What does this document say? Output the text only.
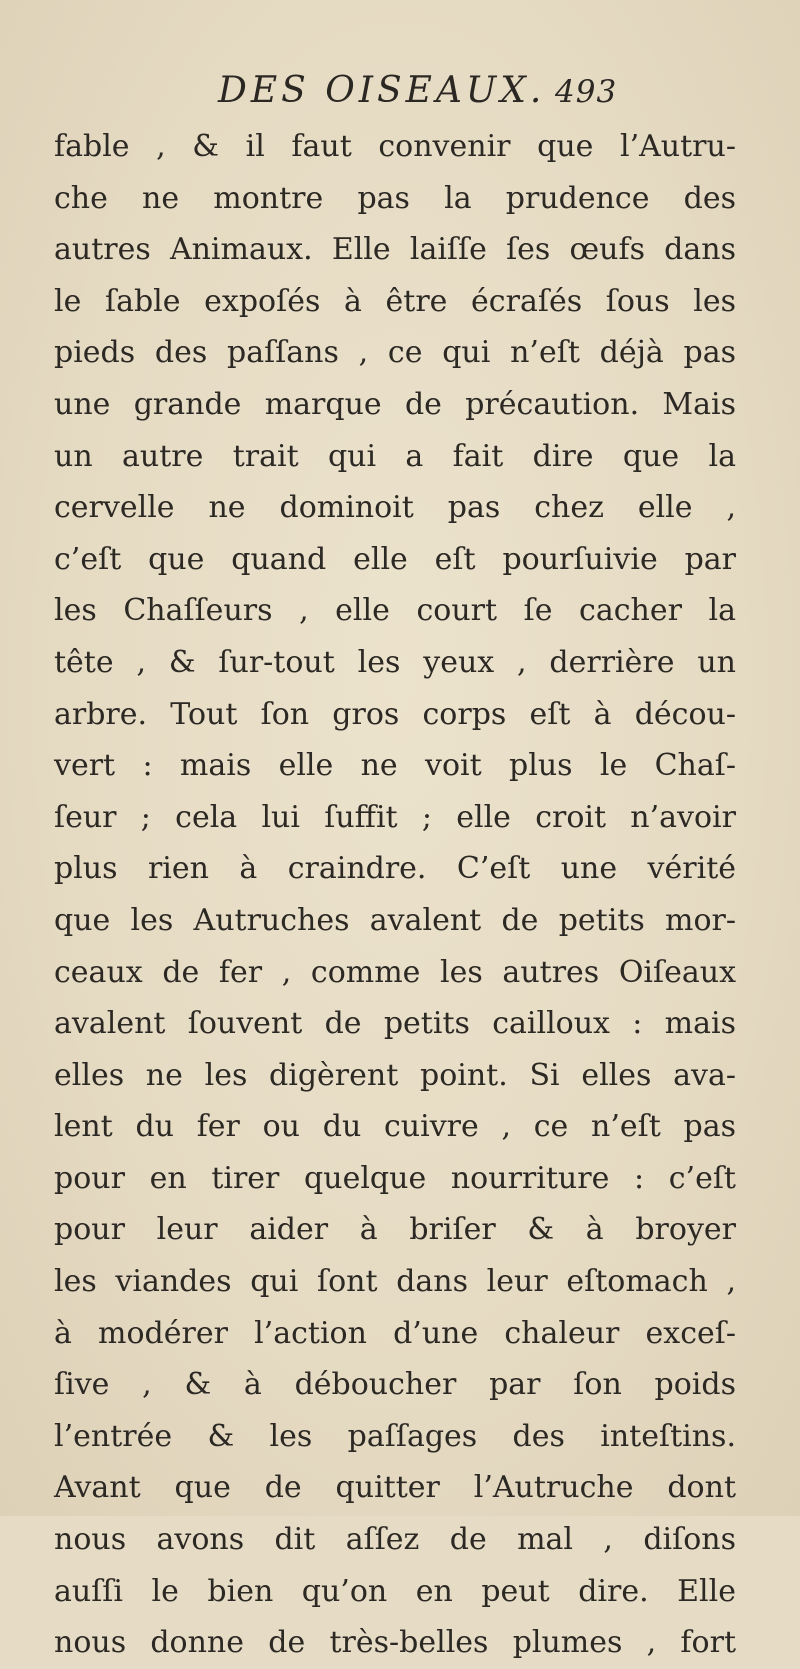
DES OISEAUX. 493
fable , & il faut convenir que l’Autru-
che ne montre pas la prudence des
autres Animaux. Elle laiſſe ſes œufs dans
le ſable expoſés à être écraſés ſous les
pieds des paſſans , ce qui n’eſt déjà pas
une grande marque de précaution. Mais
un autre trait qui a fait dire que la
cervelle ne dominoit pas chez elle ,
c’eſt que quand elle eſt pourſuivie par
les Chaſſeurs , elle court ſe cacher la
tête , & ſur-tout les yeux , derrière un
arbre. Tout ſon gros corps eſt à décou-
vert : mais elle ne voit plus le Chaſ-
ſeur ; cela lui ſuffit ; elle croit n’avoir
plus rien à craindre. C’eſt une vérité
que les Autruches avalent de petits mor-
ceaux de fer , comme les autres Oiſeaux
avalent ſouvent de petits cailloux : mais
elles ne les digèrent point. Si elles ava-
lent du fer ou du cuivre , ce n’eſt pas
pour en tirer quelque nourriture : c’eſt
pour leur aider à briſer & à broyer
les viandes qui ſont dans leur eſtomach ,
à modérer l’action d’une chaleur exceſ-
ſive , & à déboucher par ſon poids
l’entrée & les paſſages des inteſtins.
Avant que de quitter l’Autruche dont
nous avons dit aſſez de mal , diſons
auſſi le bien qu’on en peut dire. Elle
nous donne de très-belles plumes , fort
